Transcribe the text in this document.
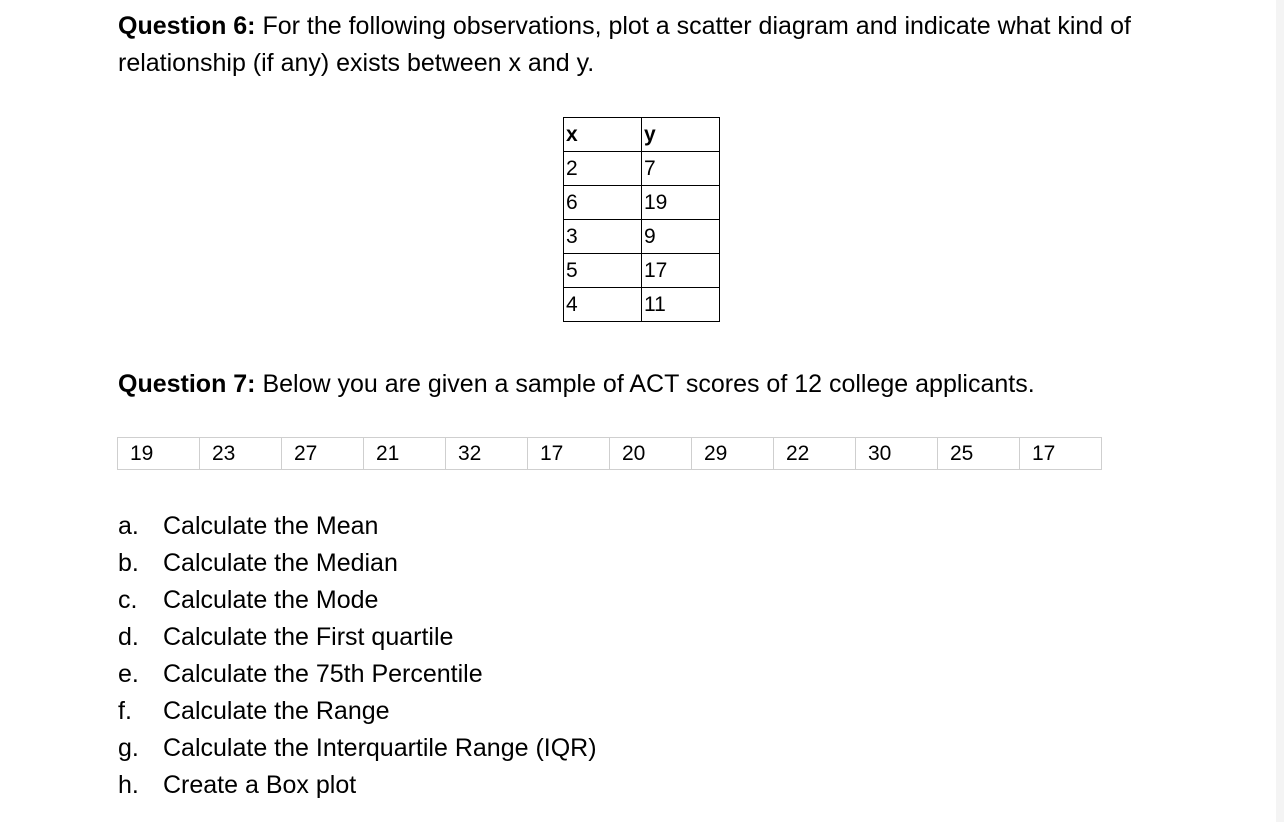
Question 6: For the following observations, plot a scatter diagram and indicate what kind of relationship (if any) exists between x and y.

x	y
2	7
6	19
3	9
5	17
4	11

Question 7: Below you are given a sample of ACT scores of 12 college applicants.

19	23	27	21	32	17	20	29	22	30	25	17
a. Calculate the Mean
b. Calculate the Median
c.	Calculate the Mode
d. Calculate the First quartile
e. Calculate the 75th Percentile
f.	Calculate the Range
g. Calculate the Interquartile Range (IQR)
h. Create a Box plot
